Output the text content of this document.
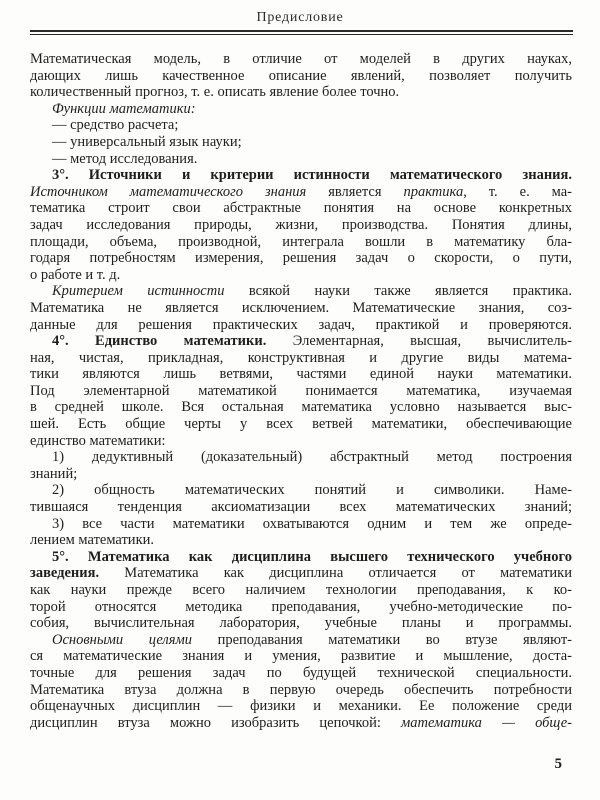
Предисловие
Математическая модель, в отличие от моделей в других науках,
дающих лишь качественное описание явлений, позволяет получить
количественный прогноз, т. е. описать явление более точно.
Функции математики:
— средство расчета;
— универсальный язык науки;
— метод исследования.
3°. Источники и критерии истинности математического знания.
Источником математического знания является практика, т. е. ма-
тематика строит свои абстрактные понятия на основе конкретных
задач исследования природы, жизни, производства. Понятия длины,
площади, объема, производной, интеграла вошли в математику бла-
годаря потребностям измерения, решения задач о скорости, о пути,
о работе и т. д.
Критерием истинности всякой науки также является практика.
Математика не является исключением. Математические знания, соз-
данные для решения практических задач, практикой и проверяются.
4°. Единство математики. Элементарная, высшая, вычислитель-
ная, чистая, прикладная, конструктивная и другие виды матема-
тики являются лишь ветвями, частями единой науки математики.
Под элементарной математикой понимается математика, изучаемая
в средней школе. Вся остальная математика условно называется выс-
шей. Есть общие черты у всех ветвей математики, обеспечивающие
единство математики:
1) дедуктивный (доказательный) абстрактный метод построения
знаний;
2) общность математических понятий и символики. Наме-
тившаяся тенденция аксиоматизации всех математических знаний;
3) все части математики охватываются одним и тем же опреде-
лением математики.
5°. Математика как дисциплина высшего технического учебного
заведения. Математика как дисциплина отличается от математики
как науки прежде всего наличием технологии преподавания, к ко-
торой относятся методика преподавания, учебно-методические по-
собия, вычислительная лаборатория, учебные планы и программы.
Основными целями преподавания математики во втузе являют-
ся математические знания и умения, развитие и мышление, доста-
точные для решения задач по будущей технической специальности.
Математика втуза должна в первую очередь обеспечить потребности
общенаучных дисциплин — физики и механики. Ее положение среди
дисциплин втуза можно изобразить цепочкой: математика — обще-
5
